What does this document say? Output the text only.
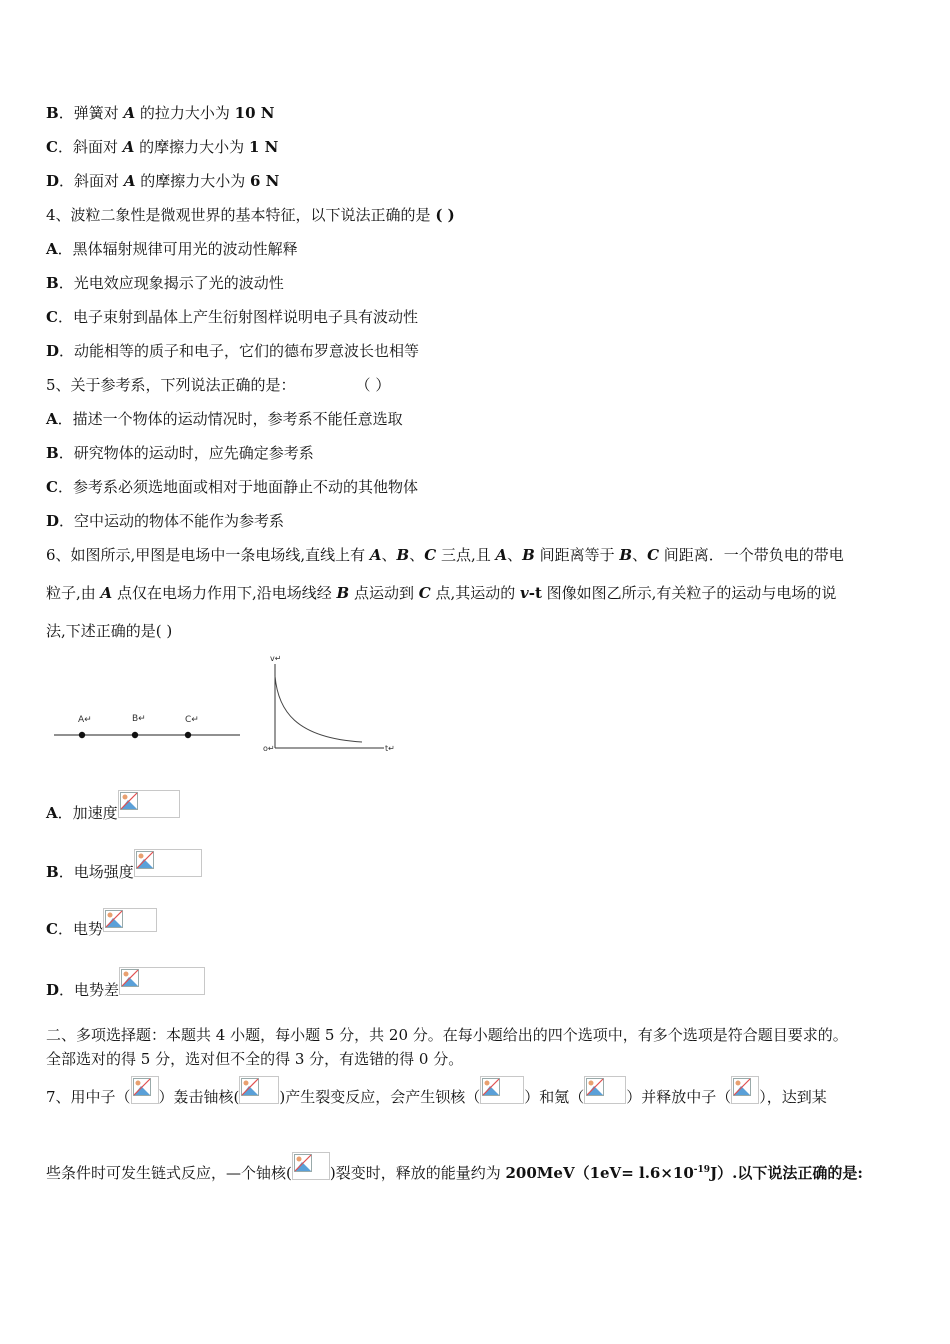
B．弹簧对 A 的拉力大小为 10 N
C．斜面对 A 的摩擦力大小为 1 N
D．斜面对 A 的摩擦力大小为 6 N
4、波粒二象性是微观世界的基本特征，以下说法正确的是 ( )
A．黑体辐射规律可用光的波动性解释
B．光电效应现象揭示了光的波动性
C．电子束射到晶体上产生衍射图样说明电子具有波动性
D．动能相等的质子和电子，它们的德布罗意波长也相等
5、关于参考系，下列说法正确的是：	（ ）
A．描述一个物体的运动情况时，参考系不能任意选取
B．研究物体的运动时，应先确定参考系
C．参考系必须选地面或相对于地面静止不动的其他物体
D．空中运动的物体不能作为参考系
6、如图所示,甲图是电场中一条电场线,直线上有 A、B、C 三点,且 A、B 间距离等于 B、C 间距离．一个带负电的带电
粒子,由 A 点仅在电场力作用下,沿电场线经 B 点运动到 C 点,其运动的 v-t 图像如图乙所示,有关粒子的运动与电场的说
法,下述正确的是( )
A↵	B↵	C↵
v↵
t↵
o↵
A．加速度
B．电场强度
C．电势
D．电势差
二、多项选择题：本题共 4 小题，每小题 5 分，共 20 分。在每小题给出的四个选项中，有多个选项是符合题目要求的。
全部选对的得 5 分，选对但不全的得 3 分，有选错的得 0 分。
7、用中子（ ）轰击铀核(	)产生裂变反应，会产生钡核（	）和氪（	）并释放中子（ ），达到某
些条件时可发生链式反应，—个铀核(	)裂变时，释放的能量约为 $200MeV(1eV= l.6\times 10^{-19}J)$.以下说法正确的是:
